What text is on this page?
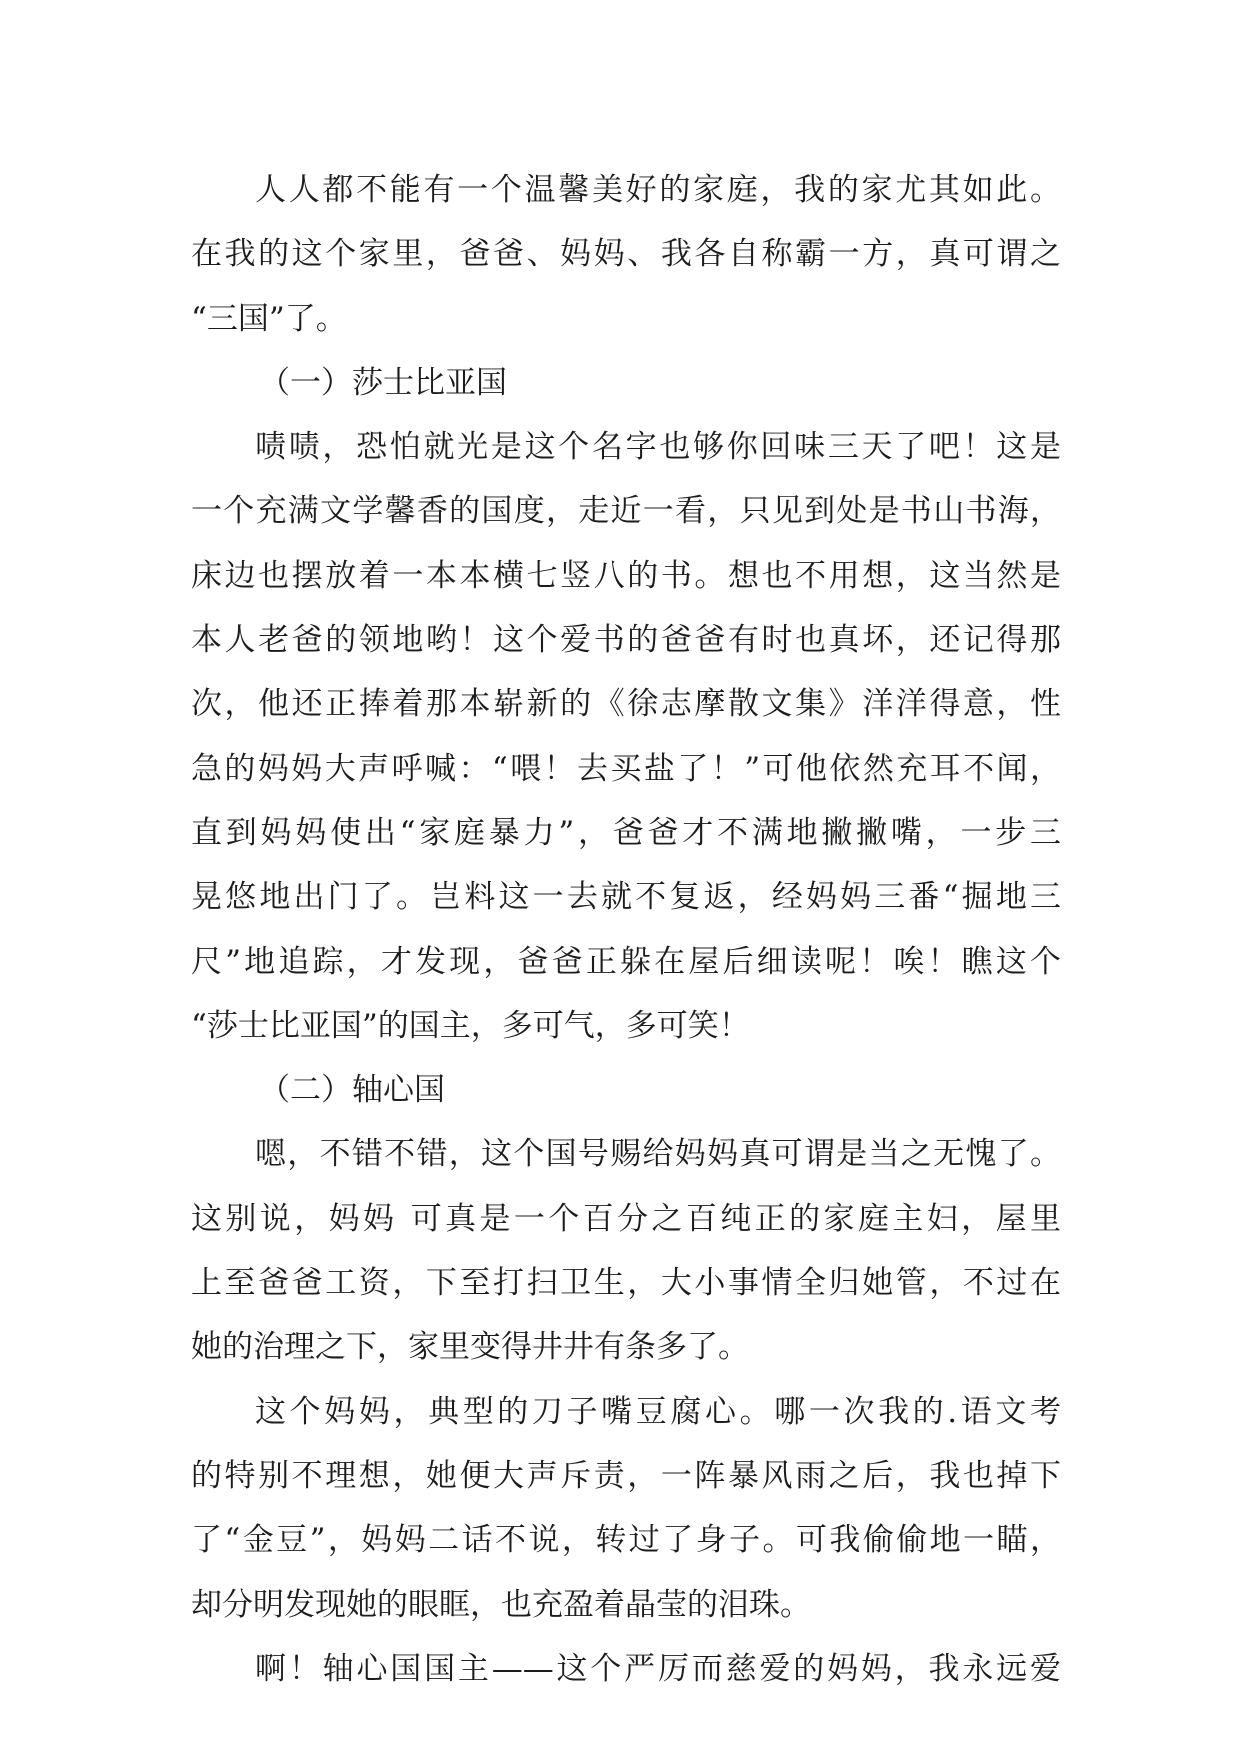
人人都不能有一个温馨美好的家庭，我的家尤其如此。
在我的这个家里，爸爸、妈妈、我各自称霸一方，真可谓之
“三国”了。
（一）莎士比亚国
啧啧，恐怕就光是这个名字也够你回味三天了吧！这是
一个充满文学馨香的国度，走近一看，只见到处是书山书海，
床边也摆放着一本本横七竖八的书。想也不用想，这当然是
本人老爸的领地哟！这个爱书的爸爸有时也真坏，还记得那
次，他还正捧着那本崭新的《徐志摩散文集》洋洋得意，性
急的妈妈大声呼喊：“喂！去买盐了！”可他依然充耳不闻，
直到妈妈使出“家庭暴力”，爸爸才不满地撇撇嘴，一步三
晃悠地出门了。岂料这一去就不复返，经妈妈三番“掘地三
尺”地追踪，才发现，爸爸正躲在屋后细读呢！唉！瞧这个
“莎士比亚国”的国主，多可气，多可笑！
（二）轴心国
嗯，不错不错，这个国号赐给妈妈真可谓是当之无愧了。
这别说，妈妈 可真是一个百分之百纯正的家庭主妇，屋里
上至爸爸工资，下至打扫卫生，大小事情全归她管，不过在
她的治理之下，家里变得井井有条多了。
这个妈妈，典型的刀子嘴豆腐心。哪一次我的.语文考
的特别不理想，她便大声斥责，一阵暴风雨之后，我也掉下
了“金豆”，妈妈二话不说，转过了身子。可我偷偷地一瞄，
却分明发现她的眼眶，也充盈着晶莹的泪珠。
啊！轴心国国主——这个严厉而慈爱的妈妈，我永远爱
